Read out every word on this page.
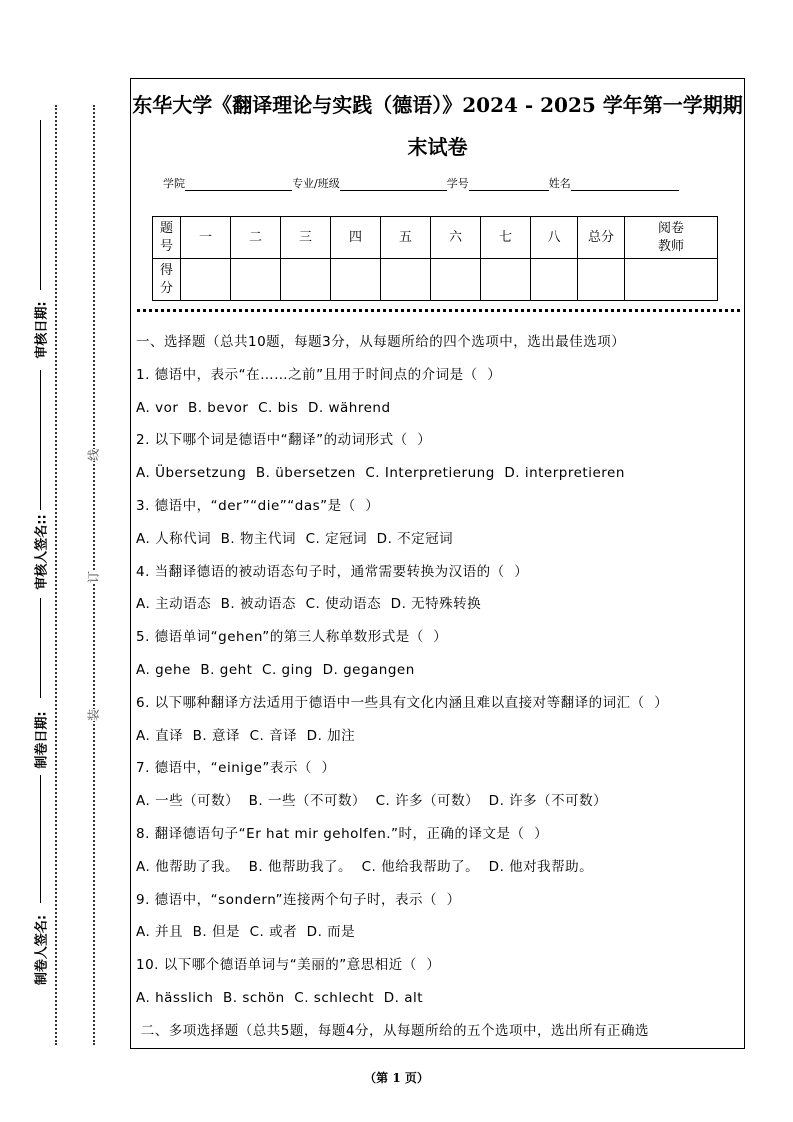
线
订
装
审核日期:
审核人签名::
制卷日期:
制卷人签名:
东华大学《翻译理论与实践（德语）》2024 - 2025 学年第一学期期
末试卷
学院	专业/班级	学号	姓名
题号	一	二	三	四	五	六	七	八	总分	阅卷教师
得分										
一、选择题（总共10题，每题3分，从每题所给的四个选项中，选出最佳选项）
1. 德语中，表示“在……之前”且用于时间点的介词是（  ）
A. vor  B. bevor  C. bis  D. während
2. 以下哪个词是德语中“翻译”的动词形式（  ）
A. Übersetzung  B. übersetzen  C. Interpretierung  D. interpretieren
3. 德语中，“der”“die”“das”是（  ）
A. 人称代词  B. 物主代词  C. 定冠词  D. 不定冠词
4. 当翻译德语的被动语态句子时，通常需要转换为汉语的（  ）
A. 主动语态  B. 被动语态  C. 使动语态  D. 无特殊转换
5. 德语单词“gehen”的第三人称单数形式是（  ）
A. gehe  B. geht  C. ging  D. gegangen
6. 以下哪种翻译方法适用于德语中一些具有文化内涵且难以直接对等翻译的词汇（  ）
A. 直译  B. 意译  C. 音译  D. 加注
7. 德语中，“einige”表示（  ）
A. 一些（可数）  B. 一些（不可数）  C. 许多（可数）  D. 许多（不可数）
8. 翻译德语句子“Er hat mir geholfen.”时，正确的译文是（  ）
A. 他帮助了我。  B. 他帮助我了。  C. 他给我帮助了。  D. 他对我帮助。
9. 德语中，“sondern”连接两个句子时，表示（  ）
A. 并且  B. 但是  C. 或者  D. 而是
10. 以下哪个德语单词与“美丽的”意思相近（  ）
A. hässlich  B. schön  C. schlecht  D. alt
二、多项选择题（总共5题，每题4分，从每题所给的五个选项中，选出所有正确选
（第 1 页）
